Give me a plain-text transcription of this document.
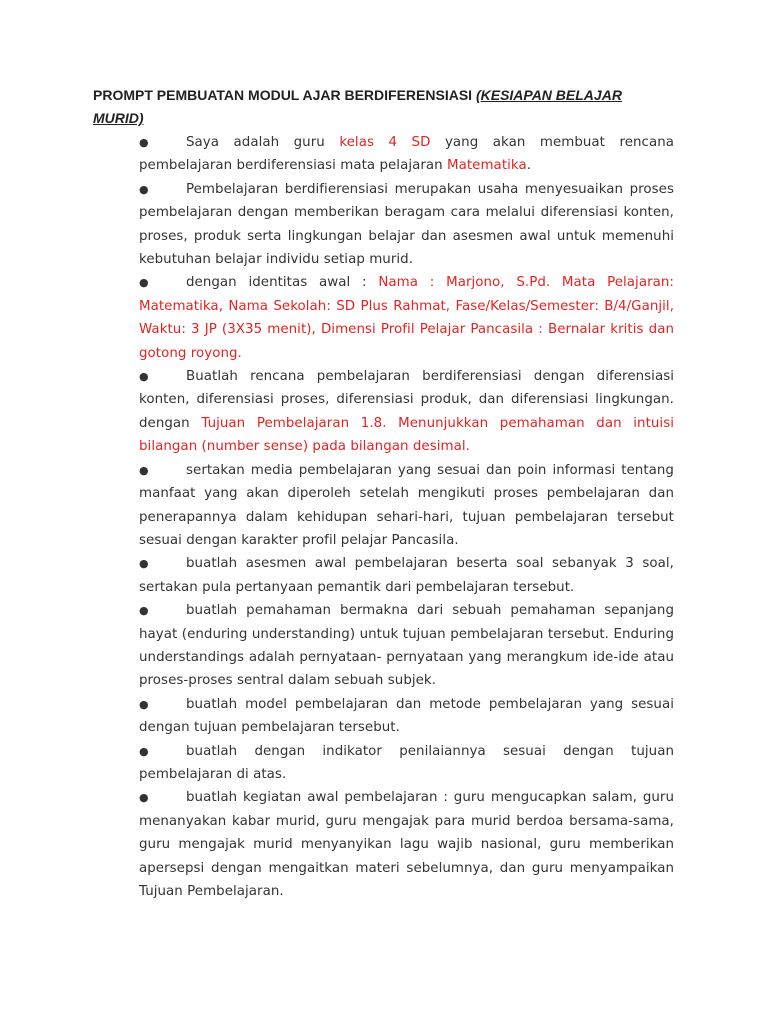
PROMPT PEMBUATAN MODUL AJAR BERDIFERENSIASI (KESIAPAN BELAJAR MURID)

●	Saya adalah guru kelas 4 SD yang akan membuat rencana pembelajaran berdiferensiasi mata pelajaran Matematika.
●	Pembelajaran berdifierensiasi merupakan usaha menyesuaikan proses pembelajaran dengan memberikan beragam cara melalui diferensiasi konten, proses, produk serta lingkungan belajar dan asesmen awal untuk memenuhi kebutuhan belajar individu setiap murid.
●	dengan identitas awal : Nama : Marjono, S.Pd. Mata Pelajaran: Matematika, Nama Sekolah: SD Plus Rahmat, Fase/Kelas/Semester: B/4/Ganjil, Waktu: 3 JP (3X35 menit), Dimensi Profil Pelajar Pancasila : Bernalar kritis dan gotong royong.
●	Buatlah rencana pembelajaran berdiferensiasi dengan diferensiasi konten, diferensiasi proses, diferensiasi produk, dan diferensiasi lingkungan. dengan Tujuan Pembelajaran 1.8. Menunjukkan pemahaman dan intuisi bilangan (number sense) pada bilangan desimal.
●	sertakan media pembelajaran yang sesuai dan poin informasi tentang manfaat yang akan diperoleh setelah mengikuti proses pembelajaran dan penerapannya dalam kehidupan sehari-hari, tujuan pembelajaran tersebut sesuai dengan karakter profil pelajar Pancasila.
●	buatlah asesmen awal pembelajaran beserta soal sebanyak 3 soal, sertakan pula pertanyaan pemantik dari pembelajaran tersebut.
●	buatlah pemahaman bermakna dari sebuah pemahaman sepanjang hayat (enduring understanding) untuk tujuan pembelajaran tersebut. Enduring understandings adalah pernyataan- pernyataan yang merangkum ide-ide atau proses-proses sentral dalam sebuah subjek.
●	buatlah model pembelajaran dan metode pembelajaran yang sesuai dengan tujuan pembelajaran tersebut.
●	buatlah dengan indikator penilaiannya sesuai dengan tujuan pembelajaran di atas.
●	buatlah kegiatan awal pembelajaran : guru mengucapkan salam, guru menanyakan kabar murid, guru mengajak para murid berdoa bersama-sama, guru mengajak murid menyanyikan lagu wajib nasional, guru memberikan apersepsi dengan mengaitkan materi sebelumnya, dan guru menyampaikan Tujuan Pembelajaran.
